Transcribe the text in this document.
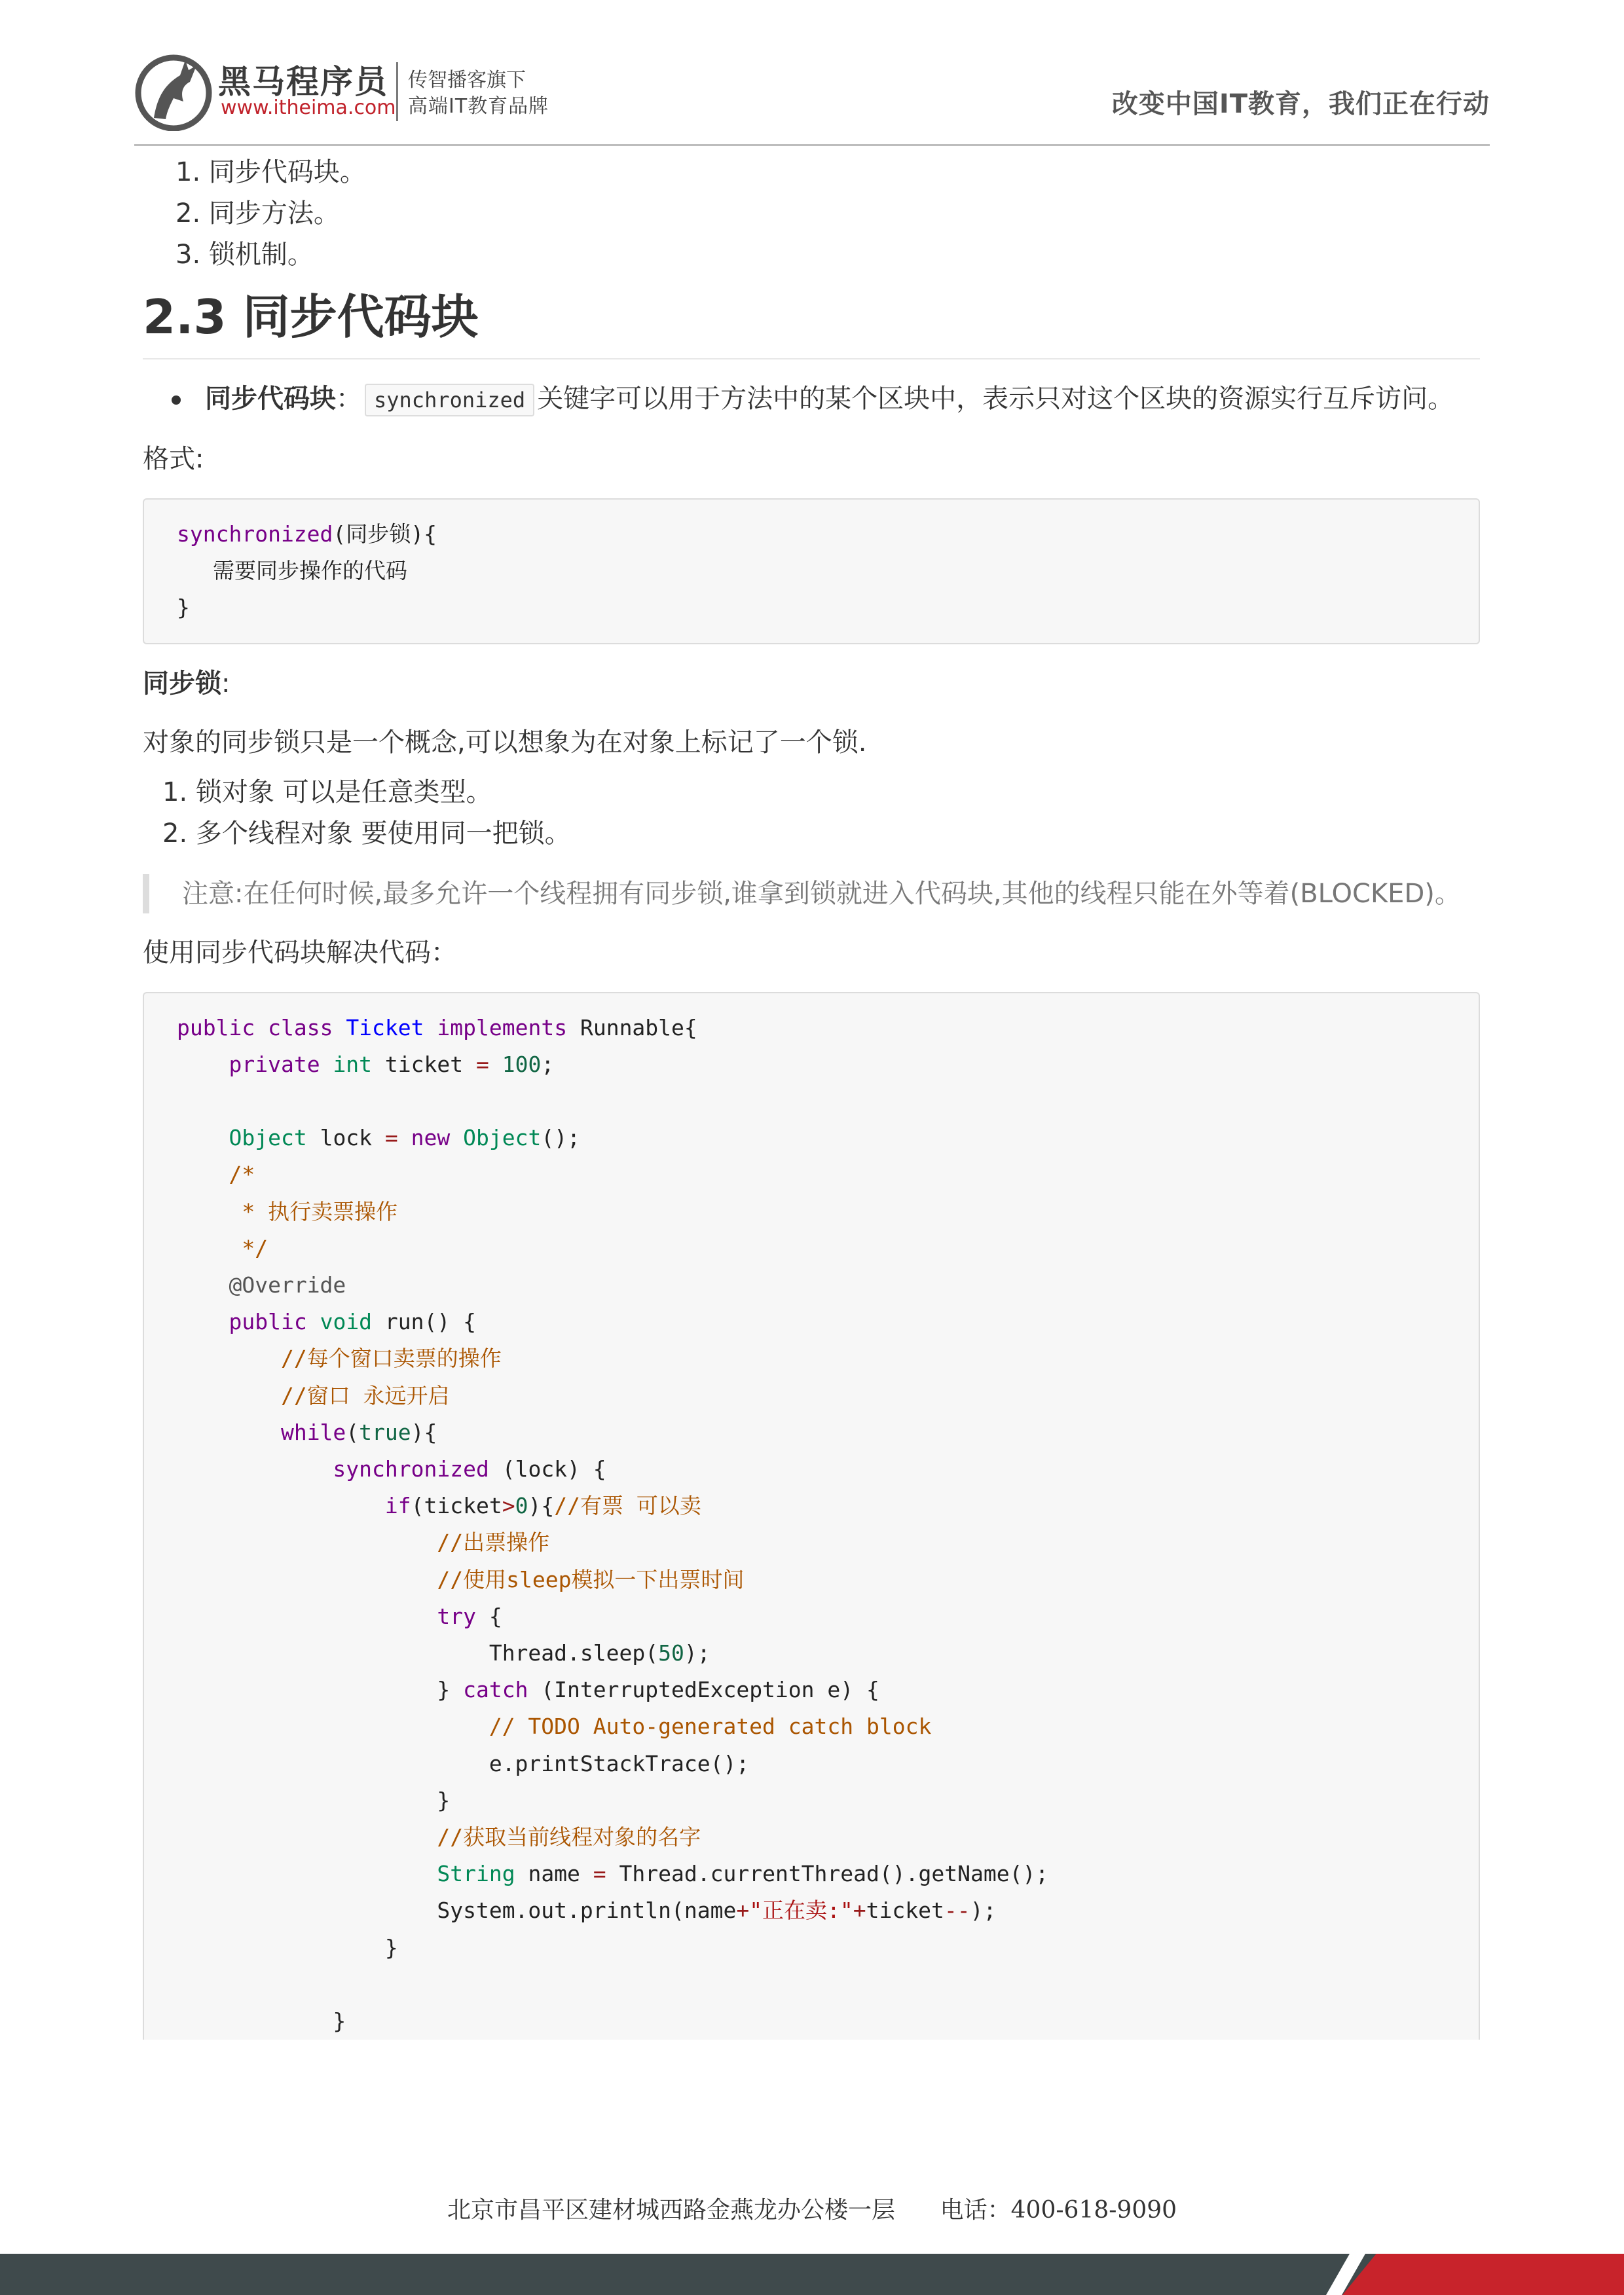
黑马程序员
www.itheima.com
传智播客旗下
高端IT教育品牌	改变中国IT教育，我们正在行动
1. 同步代码块。
2. 同步方法。
3. 锁机制。
2.3 同步代码块
同步代码块： synchronized 关键字可以用于方法中的某个区块中，表示只对这个区块的资源实行互斥访问。

格式:

synchronized(同步锁){
需要同步操作的代码
}

同步锁:

对象的同步锁只是一个概念,可以想象为在对象上标记了一个锁.

1. 锁对象 可以是任意类型。
2. 多个线程对象 要使用同一把锁。
注意:在任何时候,最多允许一个线程拥有同步锁,谁拿到锁就进入代码块,其他的线程只能在外等着(BLOCKED)。

使用同步代码块解决代码：

public class Ticket implements Runnable{
private int ticket = 100;

Object lock = new Object();
/*
* 执行卖票操作
*/
@Override
public void run() {
//每个窗口卖票的操作
//窗口 永远开启
while(true){
synchronized (lock) {
if(ticket>0){//有票 可以卖
//出票操作
//使用sleep模拟一下出票时间
try {
Thread.sleep(50);
} catch (InterruptedException e) {
// TODO Auto-generated catch block
e.printStackTrace();
}
//获取当前线程对象的名字
String name = Thread.currentThread().getName();
System.out.println(name+"正在卖:"+ticket--);
}

}
北京市昌平区建材城西路金燕龙办公楼一层 电话：400-618-9090
